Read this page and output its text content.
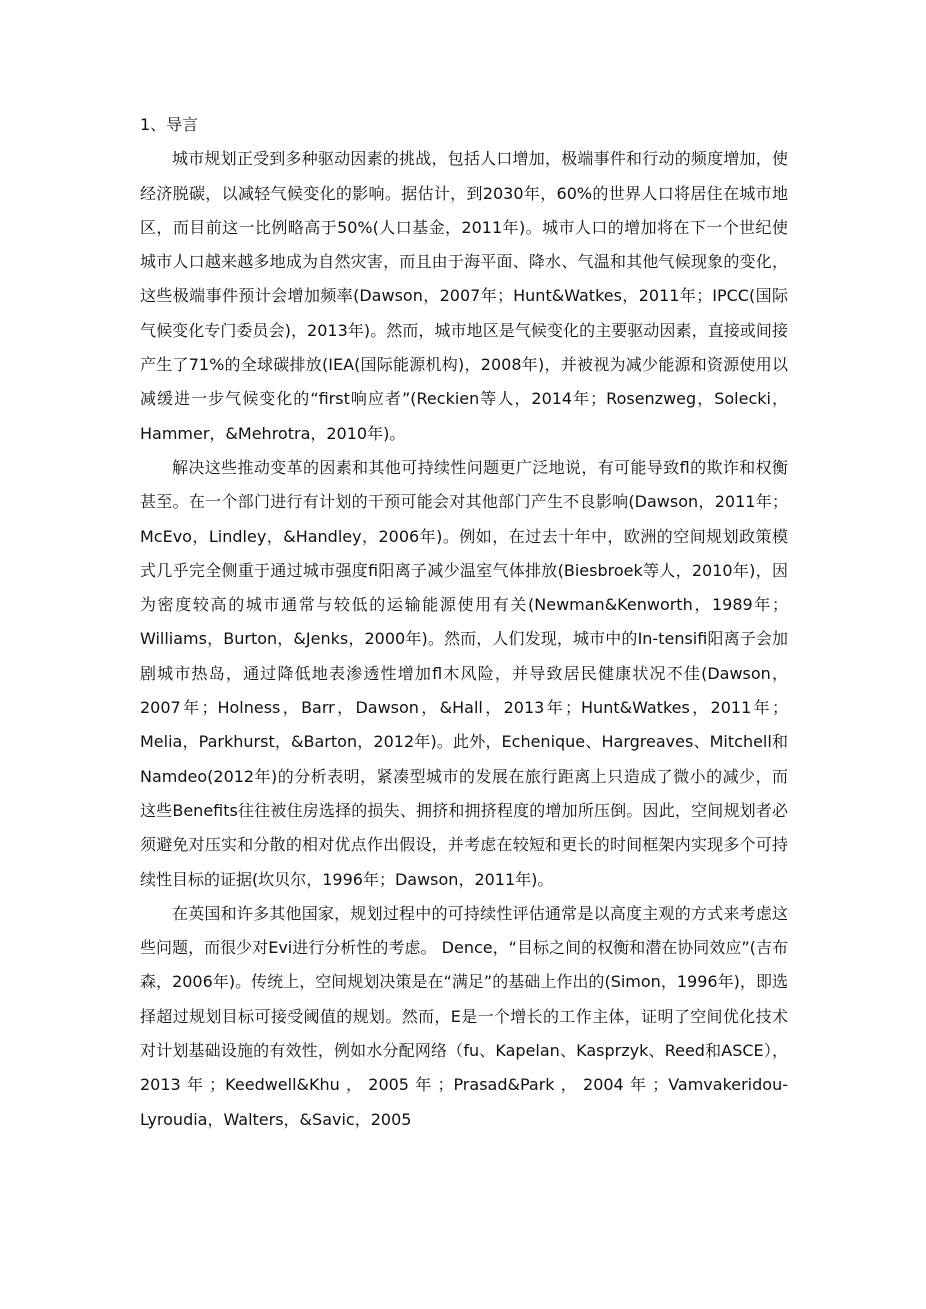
1、导言

城市规划正受到多种驱动因素的挑战，包括人口增加，极端事件和行动的频度增加，使经济脱碳，以减轻气候变化的影响。据估计，到2030年，60%的世界人口将居住在城市地区，而目前这一比例略高于50%(人口基金，2011年)。城市人口的增加将在下一个世纪使城市人口越来越多地成为自然灾害，而且由于海平面、降水、气温和其他气候现象的变化，这些极端事件预计会增加频率(Dawson，2007年；Hunt&Watkes，2011年；IPCC(国际气候变化专门委员会)，2013年)。然而，城市地区是气候变化的主要驱动因素，直接或间接产生了71%的全球碳排放(IEA(国际能源机构)，2008年)，并被视为减少能源和资源使用以减缓进一步气候变化的“first响应者”(Reckien等人，2014年；Rosenzweg，Solecki，Hammer，&Mehrotra，2010年)。

解决这些推动变革的因素和其他可持续性问题更广泛地说，有可能导致fl的欺诈和权衡甚至。在一个部门进行有计划的干预可能会对其他部门产生不良影响(Dawson，2011年；McEvo，Lindley，&Handley，2006年)。例如，在过去十年中，欧洲的空间规划政策模式几乎完全侧重于通过城市强度fi阳离子减少温室气体排放(Biesbroek等人，2010年)，因为密度较高的城市通常与较低的运输能源使用有关(Newman&Kenworth，1989年；Williams，Burton，&Jenks，2000年)。然而，人们发现，城市中的In-tensifi阳离子会加剧城市热岛，通过降低地表渗透性增加fl木风险，并导致居民健康状况不佳(Dawson，2007年；Holness，Barr，Dawson，&Hall，2013年；Hunt&Watkes，2011年；Melia，Parkhurst，&Barton，2012年)。此外，Echenique、Hargreaves、Mitchell和Namdeo(2012年)的分析表明，紧凑型城市的发展在旅行距离上只造成了微小的减少，而这些Benefits往往被住房选择的损失、拥挤和拥挤程度的增加所压倒。因此，空间规划者必须避免对压实和分散的相对优点作出假设，并考虑在较短和更长的时间框架内实现多个可持续性目标的证据(坎贝尔，1996年；Dawson，2011年)。

在英国和许多其他国家，规划过程中的可持续性评估通常是以高度主观的方式来考虑这些问题，而很少对Evi进行分析性的考虑。 Dence，“目标之间的权衡和潜在协同效应”(吉布森，2006年)。传统上，空间规划决策是在“满足”的基础上作出的(Simon，1996年)，即选择超过规划目标可接受阈值的规划。然而，E是一个增长的工作主体，证明了空间优化技术对计划基础设施的有效性，例如水分配网络（fu、Kapelan、Kasprzyk、Reed和ASCE）， 2013年；Keedwell&Khu，2005年；Prasad&Park，2004年；Vamvakeridou-Lyroudia，Walters，&Savic，2005
